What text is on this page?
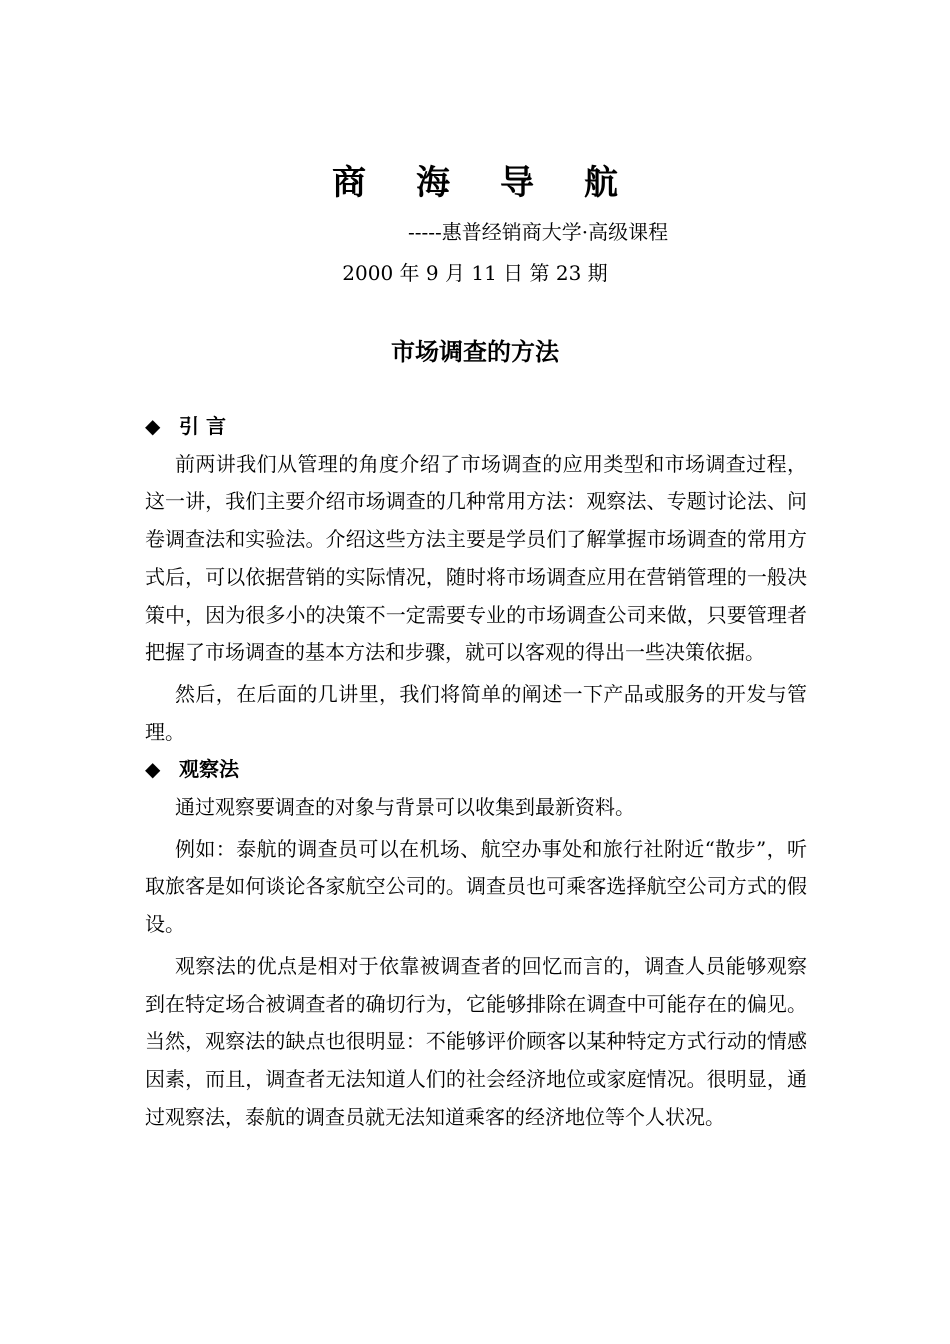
商海导航
-----惠普经销商大学·高级课程
2000 年 9 月 11 日 第 23 期
市场调查的方法

◆ 引 言

前两讲我们从管理的角度介绍了市场调查的应用类型和市场调查过程，这一讲，我们主要介绍市场调查的几种常用方法：观察法、专题讨论法、问卷调查法和实验法。介绍这些方法主要是学员们了解掌握市场调查的常用方式后，可以依据营销的实际情况，随时将市场调查应用在营销管理的一般决策中，因为很多小的决策不一定需要专业的市场调查公司来做，只要管理者把握了市场调查的基本方法和步骤，就可以客观的得出一些决策依据。

然后，在后面的几讲里，我们将简单的阐述一下产品或服务的开发与管理。

◆ 观察法

通过观察要调查的对象与背景可以收集到最新资料。

例如：泰航的调查员可以在机场、航空办事处和旅行社附近“散步”，听取旅客是如何谈论各家航空公司的。调查员也可乘客选择航空公司方式的假设。

观察法的优点是相对于依靠被调查者的回忆而言的，调查人员能够观察到在特定场合被调查者的确切行为，它能够排除在调查中可能存在的偏见。当然，观察法的缺点也很明显：不能够评价顾客以某种特定方式行动的情感因素，而且，调查者无法知道人们的社会经济地位或家庭情况。很明显，通过观察法，泰航的调查员就无法知道乘客的经济地位等个人状况。
